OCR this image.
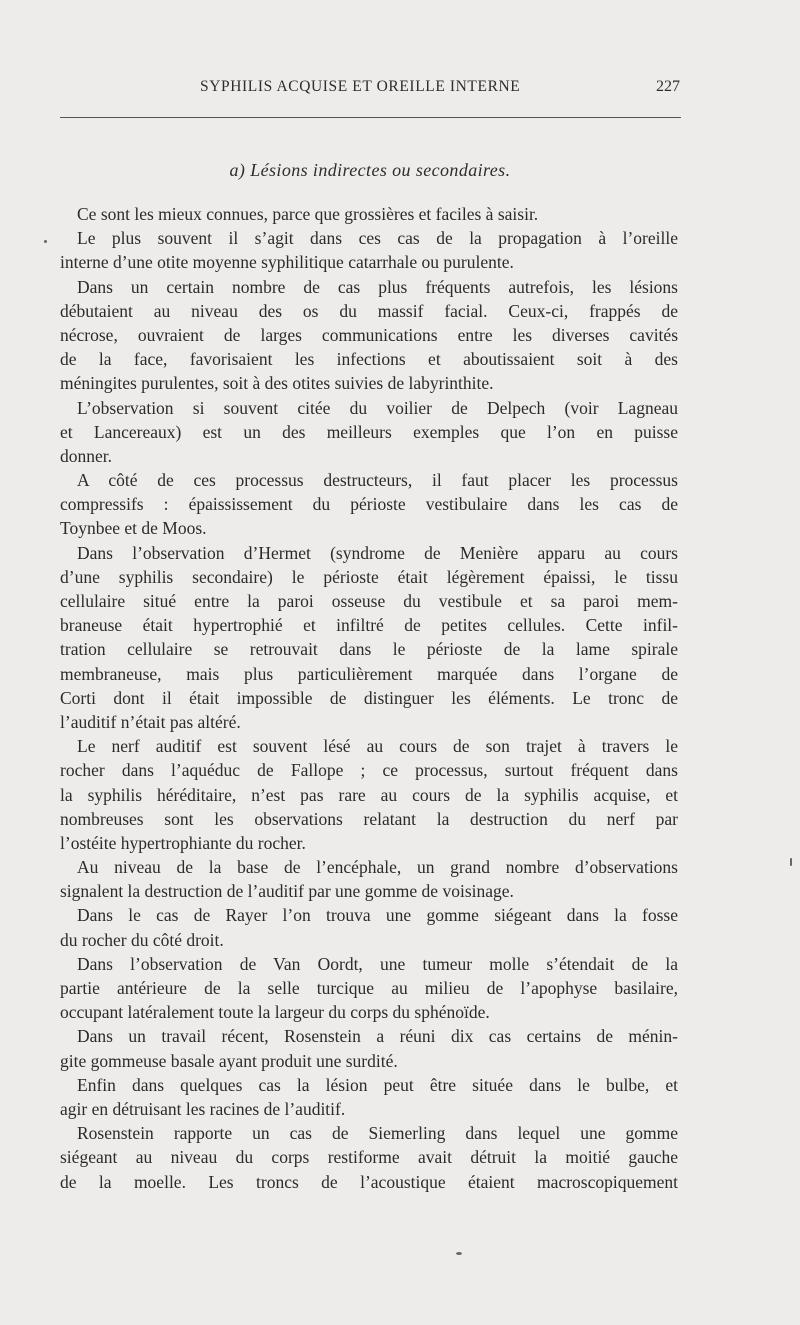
SYPHILIS ACQUISE ET OREILLE INTERNE	227
a) Lésions indirectes ou secondaires.
Ce sont les mieux connues, parce que grossières et faciles à saisir.
Le plus souvent il s’agit dans ces cas de la propagation à l’oreille
interne d’une otite moyenne syphilitique catarrhale ou purulente.
Dans un certain nombre de cas plus fréquents autrefois, les lésions
débutaient au niveau des os du massif facial. Ceux-ci, frappés de
nécrose, ouvraient de larges communications entre les diverses cavités
de la face, favorisaient les infections et aboutissaient soit à des
méningites purulentes, soit à des otites suivies de labyrinthite.
L’observation si souvent citée du voilier de Delpech (voir Lagneau
et Lancereaux) est un des meilleurs exemples que l’on en puisse
donner.
A côté de ces processus destructeurs, il faut placer les processus
compressifs : épaississement du périoste vestibulaire dans les cas de
Toynbee et de Moos.
Dans l’observation d’Hermet (syndrome de Menière apparu au cours
d’une syphilis secondaire) le périoste était légèrement épaissi, le tissu
cellulaire situé entre la paroi osseuse du vestibule et sa paroi mem-
braneuse était hypertrophié et infiltré de petites cellules. Cette infil-
tration cellulaire se retrouvait dans le périoste de la lame spirale
membraneuse, mais plus particulièrement marquée dans l’organe de
Corti dont il était impossible de distinguer les éléments. Le tronc de
l’auditif n’était pas altéré.
Le nerf auditif est souvent lésé au cours de son trajet à travers le
rocher dans l’aquéduc de Fallope ; ce processus, surtout fréquent dans
la syphilis héréditaire, n’est pas rare au cours de la syphilis acquise, et
nombreuses sont les observations relatant la destruction du nerf par
l’ostéite hypertrophiante du rocher.
Au niveau de la base de l’encéphale, un grand nombre d’observations
signalent la destruction de l’auditif par une gomme de voisinage.
Dans le cas de Rayer l’on trouva une gomme siégeant dans la fosse
du rocher du côté droit.
Dans l’observation de Van Oordt, une tumeur molle s’étendait de la
partie antérieure de la selle turcique au milieu de l’apophyse basilaire,
occupant latéralement toute la largeur du corps du sphénoïde.
Dans un travail récent, Rosenstein a réuni dix cas certains de ménin-
gite gommeuse basale ayant produit une surdité.
Enfin dans quelques cas la lésion peut être située dans le bulbe, et
agir en détruisant les racines de l’auditif.
Rosenstein rapporte un cas de Siemerling dans lequel une gomme
siégeant au niveau du corps restiforme avait détruit la moitié gauche
de la moelle. Les troncs de l’acoustique étaient macroscopiquement
